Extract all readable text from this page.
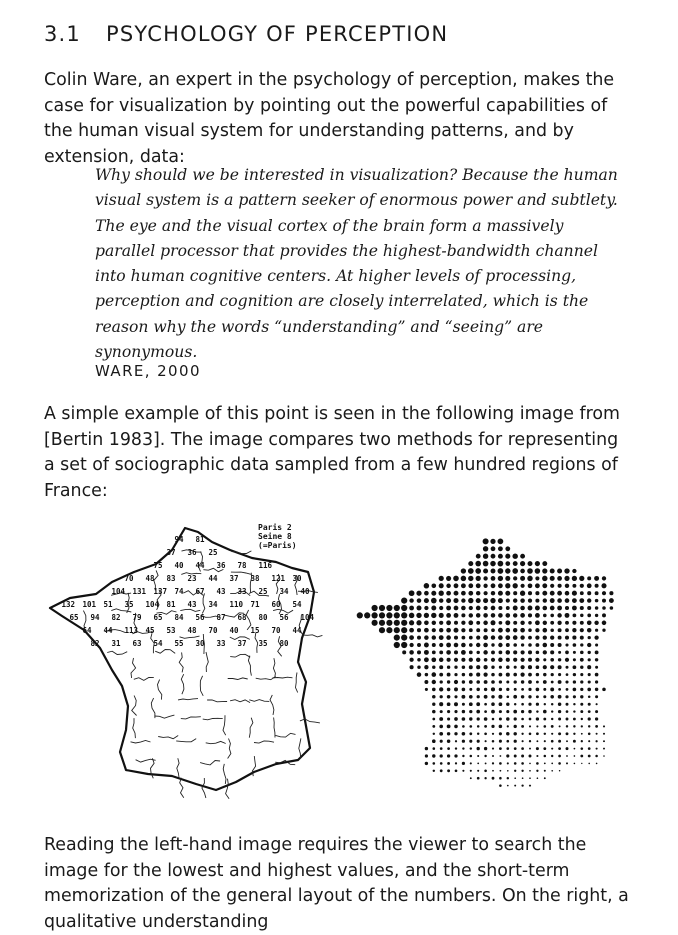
3.1 PSYCHOLOGY OF PERCEPTION

Colin Ware, an expert in the psychology of perception, makes the case for visualization by pointing out the powerful capabilities of the human visual system for understanding patterns, and by extension, data:

Why should we be interested in visualization? Because the human visual system is a pattern seeker of enormous power and subtlety. The eye and the visual cortex of the brain form a massively parallel processor that provides the highest-bandwidth channel into human cognitive centers. At higher levels of processing, perception and cognition are closely interrelated, which is the reason why the words “understanding” and “seeing” are synonymous.

WARE, 2000

A simple example of this point is seen in the following image from [Bertin 1983]. The image compares two methods for representing a set of sociographic data sampled from a few hundred regions of France:

94 81
37 36 25
75 40 44 36 78 116
70 48 83 23 44 37 38 121 30
104 131 137 74 67 43 33 25 34 40
132 101 51 35 104 81 43 34 110 71 60 54
65 94 82 79 65 84 56 87 68 80 56 104
64 44 113 45 53 48 70 40 15 70 44
82 31 63 54 55 30 33 37 35 80
Paris 2
Seine 8
(=Paris)

Reading the left-hand image requires the viewer to search the image for the lowest and highest values, and the short-term memorization of the general layout of the numbers. On the right, a qualitative understanding
